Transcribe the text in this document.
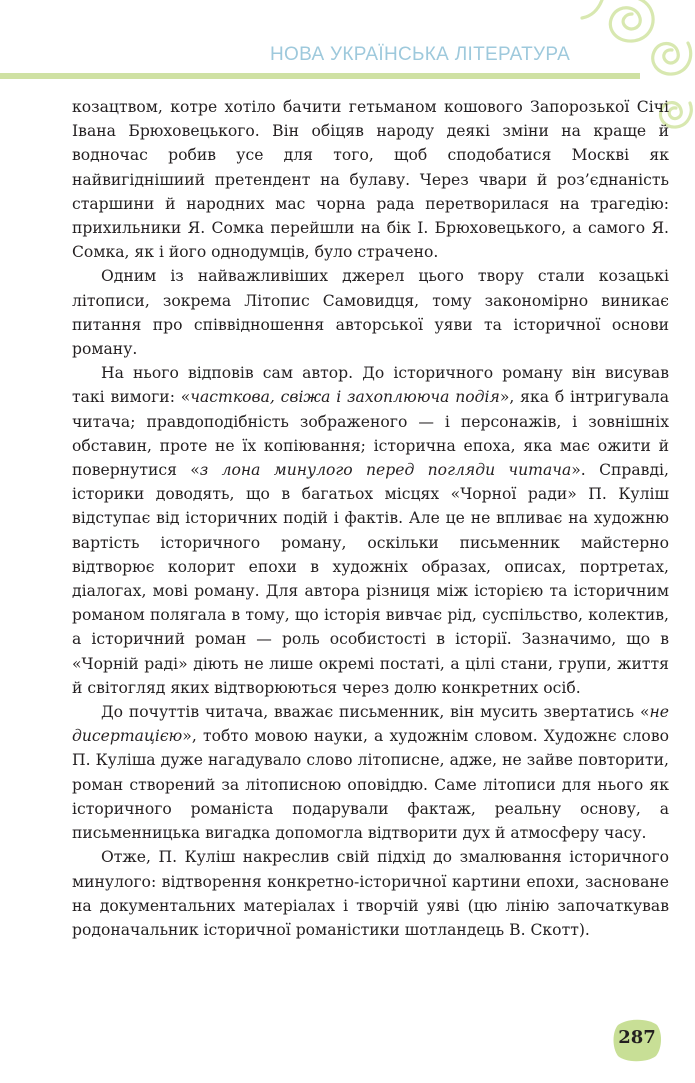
НОВА УКРАЇНСЬКА ЛІТЕРАТУРА

козацтвом, котре хотіло бачити гетьманом кошового Запорозької Січі Івана Брюховецького. Він обіцяв народу деякі зміни на краще й водночас робив усе для того, щоб сподобатися Москві як найвигіднішиий претендент на булаву. Через чвари й роз’єднаність старшини й народних мас чорна рада перетворилася на трагедію: прихильники Я. Сомка перейшли на бік І. Брюховецького, а самого Я. Сомка, як і його однодумців, було страчено.

Одним із найважливіших джерел цього твору стали козацькі літописи, зокрема Літопис Самовидця, тому закономірно виникає питання про співвідношення авторської уяви та історичної основи роману.

На нього відповів сам автор. До історичного роману він висував такі вимоги: «часткова, свіжа і захоплююча подія», яка б інтригувала читача; правдоподібність зображеного — і персонажів, і зовнішніх обставин, проте не їх копіювання; історична епоха, яка має ожити й повернутися «з лона минулого перед погляди читача». Справді, історики доводять, що в багатьох місцях «Чорної ради» П. Куліш відступає від історичних подій і фактів. Але це не впливає на художню вартість історичного роману, оскільки письменник майстерно відтворює колорит епохи в художніх образах, описах, портретах, діалогах, мові роману. Для автора різниця між історією та історичним романом полягала в тому, що історія вивчає рід, суспільство, колектив, а історичний роман — роль особистості в історії. Зазначимо, що в «Чорній раді» діють не лише окремі постаті, а цілі стани, групи, життя й світогляд яких відтворюються через долю конкретних осіб.

До почуттів читача, вважає письменник, він мусить звертатись «не дисертацією», тобто мовою науки, а художнім словом. Художнє слово П. Куліша дуже нагадувало слово літописне, адже, не зайве повторити, роман створений за літописною оповіддю. Саме літописи для нього як історичного романіста подарували фактаж, реальну основу, а письменницька вигадка допомогла відтворити дух й атмосферу часу.

Отже, П. Куліш накреслив свій підхід до змалювання історичного минулого: відтворення конкретно-історичної картини епохи, засноване на документальних матеріалах і творчій уяві (цю лінію започаткував родоначальник історичної романістики шотландець В. Скотт).

287
